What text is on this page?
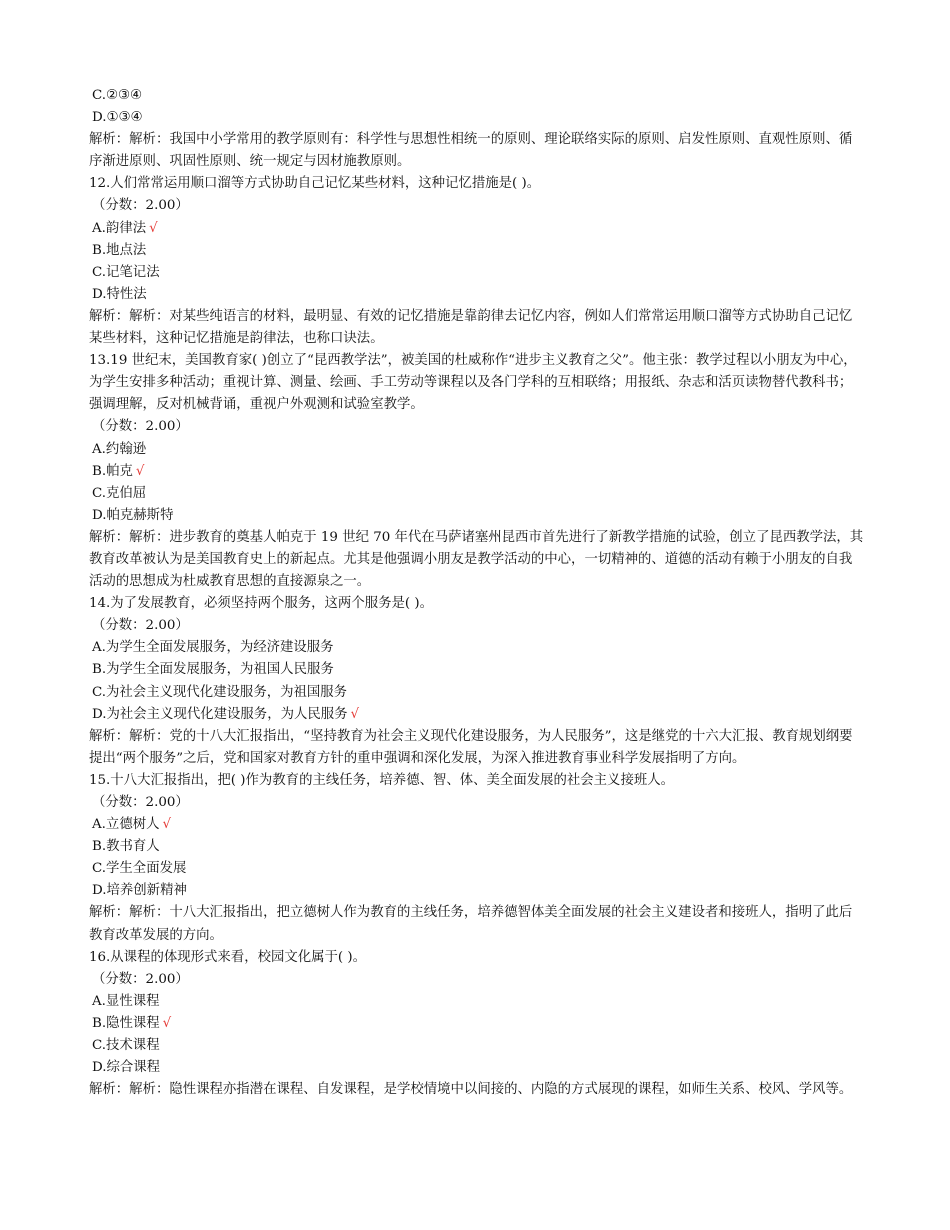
C.②③④
D.①③④

解析：解析：我国中小学常用的教学原则有：科学性与思想性相统一的原则、理论联络实际的原则、启发性原则、直观性原则、循序渐进原则、巩固性原则、统一规定与因材施教原则。

12.人们常常运用顺口溜等方式协助自己记忆某些材料，这种记忆措施是( )。

（分数：2.00）
A.韵律法 √
B.地点法
C.记笔记法
D.特性法

解析：解析：对某些纯语言的材料，最明显、有效的记忆措施是靠韵律去记忆内容，例如人们常常运用顺口溜等方式协助自己记忆某些材料，这种记忆措施是韵律法，也称口诀法。

13.19 世纪末，美国教育家( )创立了“昆西教学法”，被美国的杜威称作“进步主义教育之父”。他主张：教学过程以小朋友为中心，为学生安排多种活动；重视计算、测量、绘画、手工劳动等课程以及各门学科的互相联络；用报纸、杂志和活页读物替代教科书；强调理解，反对机械背诵，重视户外观测和试验室教学。

（分数：2.00）
A.约翰逊
B.帕克 √
C.克伯屈
D.帕克赫斯特

解析：解析：进步教育的奠基人帕克于 19 世纪 70 年代在马萨诸塞州昆西市首先进行了新教学措施的试验，创立了昆西教学法，其教育改革被认为是美国教育史上的新起点。尤其是他强调小朋友是教学活动的中心，一切精神的、道德的活动有赖于小朋友的自我活动的思想成为杜威教育思想的直接源泉之一。

14.为了发展教育，必须坚持两个服务，这两个服务是( )。

（分数：2.00）
A.为学生全面发展服务，为经济建设服务
B.为学生全面发展服务，为祖国人民服务
C.为社会主义现代化建设服务，为祖国服务
D.为社会主义现代化建设服务，为人民服务 √

解析：解析：党的十八大汇报指出，“坚持教育为社会主义现代化建设服务，为人民服务”，这是继党的十六大汇报、教育规划纲要提出“两个服务”之后，党和国家对教育方针的重申强调和深化发展，为深入推进教育事业科学发展指明了方向。

15.十八大汇报指出，把( )作为教育的主线任务，培养德、智、体、美全面发展的社会主义接班人。

（分数：2.00）
A.立德树人 √
B.教书育人
C.学生全面发展
D.培养创新精神

解析：解析：十八大汇报指出，把立德树人作为教育的主线任务，培养德智体美全面发展的社会主义建设者和接班人，指明了此后教育改革发展的方向。

16.从课程的体现形式来看，校园文化属于( )。

（分数：2.00）
A.显性课程
B.隐性课程 √
C.技术课程
D.综合课程

解析：解析：隐性课程亦指潜在课程、自发课程，是学校情境中以间接的、内隐的方式展现的课程，如师生关系、校风、学风等。
